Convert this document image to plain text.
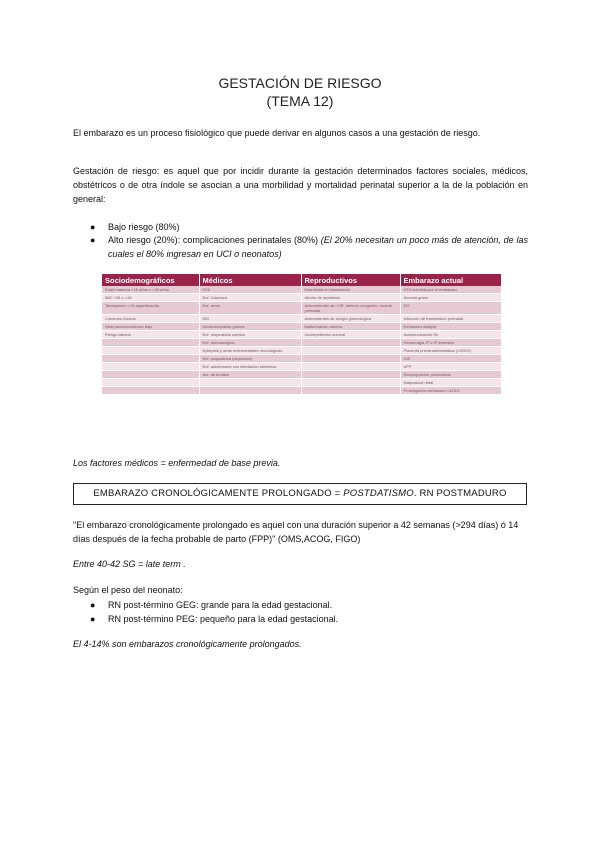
GESTACIÓN DE RIESGO
(TEMA 12)
El embarazo es un proceso fisiológico que puede derivar en algunos casos a una gestación de riesgo.
Gestación de riesgo: es aquel que por incidir durante la gestación determinados factores sociales, médicos, obstétricos o de otra índole se asocian a una morbilidad y mortalidad perinatal superior a la de la población en general:
● Bajo riesgo (80%)
● Alto riesgo (20%): complicaciones perinatales (80%) (El 20% necesitan un poco más de atención, de las cuales el 80% ingresan en UCI o neonatos)
Sociodemográficos	Médicos	Reproductivos	Embarazo actual
Edad materna <15 años o >40 años	HTA	Esterilidad en tratamiento	HTA inducida por el embarazo
IMC >35 o <19	Enf. Cardíaca	Aborto de repetición	Anemia grave
Tabaquismo >10 cigarrillos/día	Enf. renal	Antecedentes de: CIR, defecto congénito, muerte perinatal	DG
Consumo tóxicos	DM	Antecedentes de cirugía ginecológica	Infección de transmisión perinatal
Nivel socioeconómico bajo	Endocrinopatías graves	Malformación uterina	Embarazo múltiple
Riesgo laboral	Enf. respiratoria crónica	Incompetencia cervical	Isoinmunización Rh
	Enf. hematológica		Hemorragia 2º o 3º trimestre
	Epilepsia y otras enfermedades neurológicas		Placenta previa asintomática (>32SG)
	Enf. psiquiátrica (depresión)		CIR
	Enf. autoinmune con afectación sistémica		APP
	Ant. de tiroides		Desproporción pelvicofetal
			Malposición fetal
			Prolongación embarazo >42SG
Los factores médicos = enfermedad de base previa.
EMBARAZO CRONOLÓGICAMENTE PROLONGADO = POSTDATISMO. RN POSTMADURO
"El embarazo cronológicamente prolongado es aquel con una duración superior a 42 semanas (>294 días) ó 14 días después de la fecha probable de parto (FPP)" (OMS,ACOG, FIGO)
Entre 40-42 SG = late term .
Según el peso del neonato:
● RN post-término GEG: grande para la edad gestacional.
● RN post-término PEG: pequeño para la edad gestacional.
El 4-14% son embarazos cronológicamente prolongados.
